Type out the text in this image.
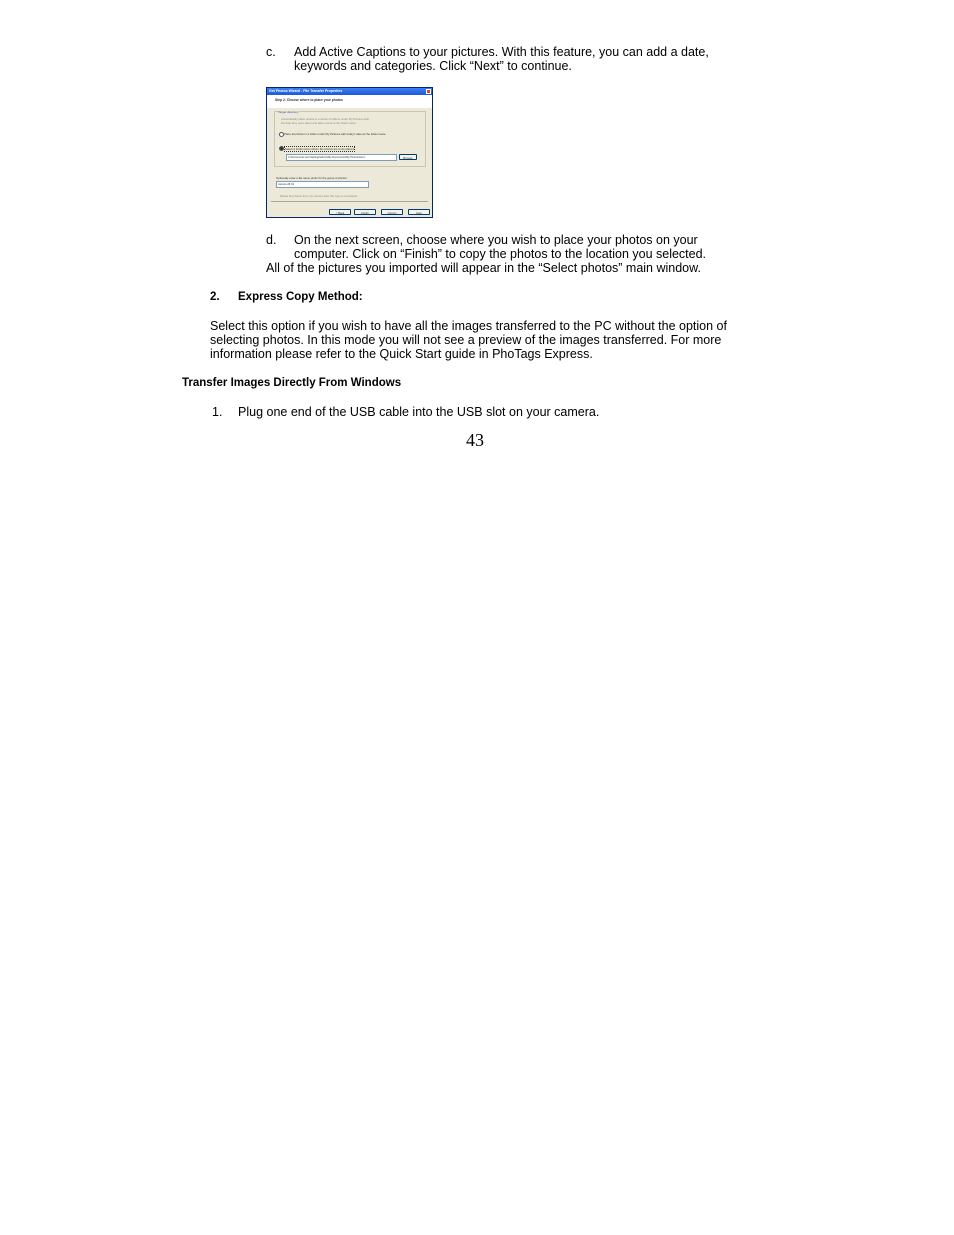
c. Add Active Captions to your pictures. With this feature, you can add a date,
keywords and categories. Click “Next” to continue.
Get Photos Wizard - File Transfer Properties
Step 2: Choose where to place your photos
Target directory
Automatically place photos in a series of folders under My Pictures with
the date they were taken and taken event to the folder name.
Place all photos in a folder under My Pictures with today's date as the folder name
Select a folder name where the photos are to be placed
C:\Documents and Settings\admin\My Documents\My Pictures\com	Browse
Optionally enter a file name prefix for the group of photos:
camera 26 04
Delete the photos from my camera after the copy is completed
< Back	Finish	Cancel	Help
d. On the next screen, choose where you wish to place your photos on your
computer. Click on “Finish” to copy the photos to the location you selected.
All of the pictures you imported will appear in the “Select photos” main window.
2. Express Copy Method:
Select this option if you wish to have all the images transferred to the PC without the option of
selecting photos. In this mode you will not see a preview of the images transferred. For more
information please refer to the Quick Start guide in PhoTags Express.
Transfer Images Directly From Windows
1. Plug one end of the USB cable into the USB slot on your camera.
43
